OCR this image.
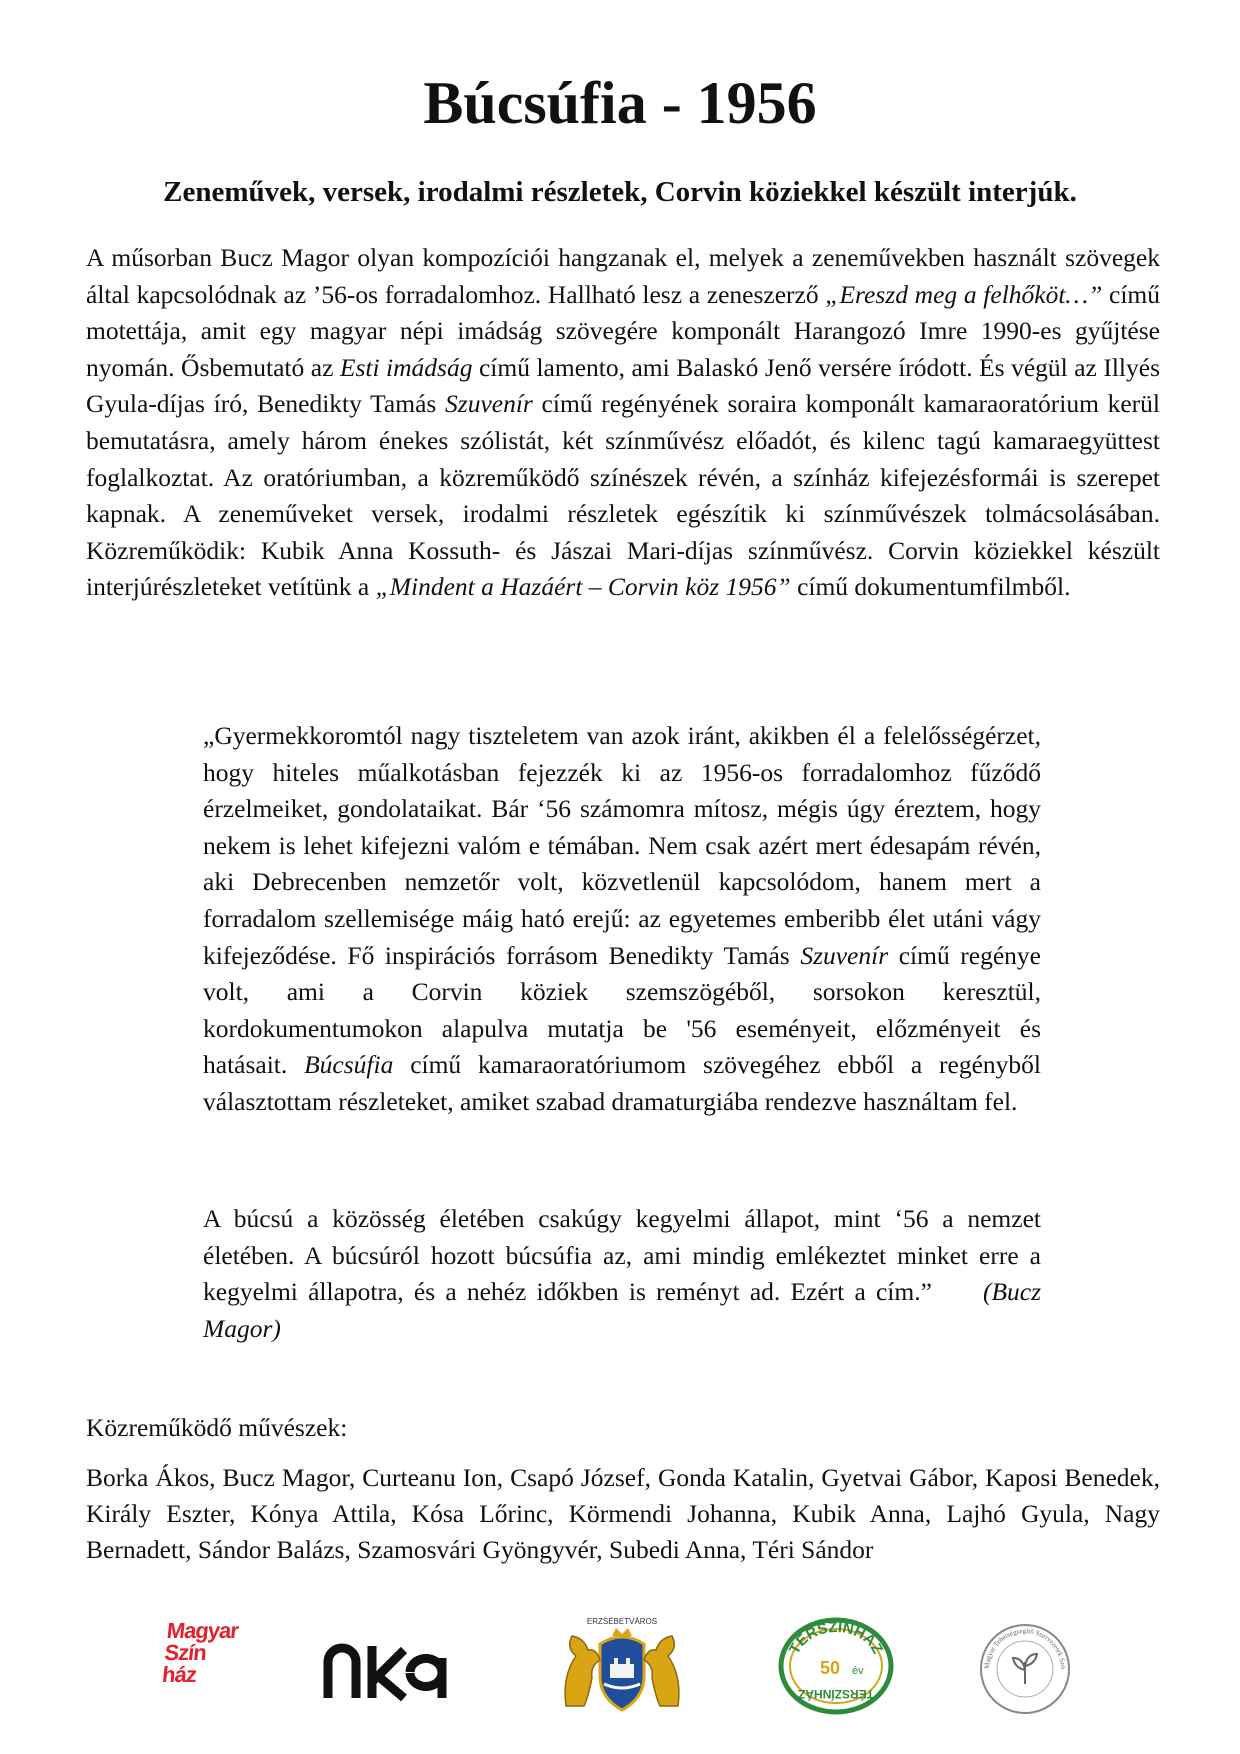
Búcsúfia - 1956
Zeneművek, versek, irodalmi részletek, Corvin köziekkel készült interjúk.

A műsorban Bucz Magor olyan kompozíciói hangzanak el, melyek a zeneművekben használt szövegek által kapcsolódnak az ’56-os forradalomhoz. Hallható lesz a zeneszerző „Ereszd meg a felhőköt…” című motettája, amit egy magyar népi imádság szövegére komponált Harangozó Imre 1990-es gyűjtése nyomán. Ősbemutató az Esti imádság című lamento, ami Balaskó Jenő versére íródott. És végül az Illyés Gyula-díjas író, Benedikty Tamás Szuvenír című regényének soraira komponált kamaraoratórium kerül bemutatásra, amely három énekes szólistát, két színművész előadót, és kilenc tagú kamaraegyüttest foglalkoztat. Az oratóriumban, a közreműködő színészek révén, a színház kifejezésformái is szerepet kapnak. A zeneműveket versek, irodalmi részletek egészítik ki színművészek tolmácsolásában. Közreműködik: Kubik Anna Kossuth- és Jászai Mari-díjas színművész. Corvin köziekkel készült interjúrészleteket vetítünk a „Mindent a Hazáért – Corvin köz 1956” című dokumentumfilmből.

„Gyermekkoromtól nagy tiszteletem van azok iránt, akikben él a felelősségérzet, hogy hiteles műalkotásban fejezzék ki az 1956-os forradalomhoz fűződő érzelmeiket, gondolataikat. Bár ‘56 számomra mítosz, mégis úgy éreztem, hogy nekem is lehet kifejezni valóm e témában. Nem csak azért mert édesapám révén, aki Debrecenben nemzetőr volt, közvetlenül kapcsolódom, hanem mert a forradalom szellemisége máig ható erejű: az egyetemes emberibb élet utáni vágy kifejeződése. Fő inspirációs forrásom Benedikty Tamás Szuvenír című regénye volt, ami a Corvin köziek szemszögéből, sorsokon keresztül, kordokumentumokon alapulva mutatja be '56 eseményeit, előzményeit és hatásait. Búcsúfia című kamaraoratóriumom szövegéhez ebből a regényből választottam részleteket, amiket szabad dramaturgiába rendezve használtam fel.

A búcsú a közösség életében csakúgy kegyelmi állapot, mint ‘56 a nemzet életében. A búcsúról hozott búcsúfia az, ami mindig emlékeztet minket erre a kegyelmi állapotra, és a nehéz időkben is reményt ad. Ezért a cím.” (Bucz Magor)

Közreműködő művészek:

Borka Ákos, Bucz Magor, Curteanu Ion, Csapó József, Gonda Katalin, Gyetvai Gábor, Kaposi Benedek, Király Eszter, Kónya Attila, Kósa Lőrinc, Körmendi Johanna, Kubik Anna, Lajhó Gyula, Nagy Bernadett, Sándor Balázs, Szamosvári Gyöngyvér, Subedi Anna, Téri Sándor

Magyar
Szín
ház
nka
ERZSÉBETVÁROS
TÉRSZÍNHÁZ
50 év
TÉRSZÍNHÁZ
Magyar Tehetségsegítő Szervezetek Szö
